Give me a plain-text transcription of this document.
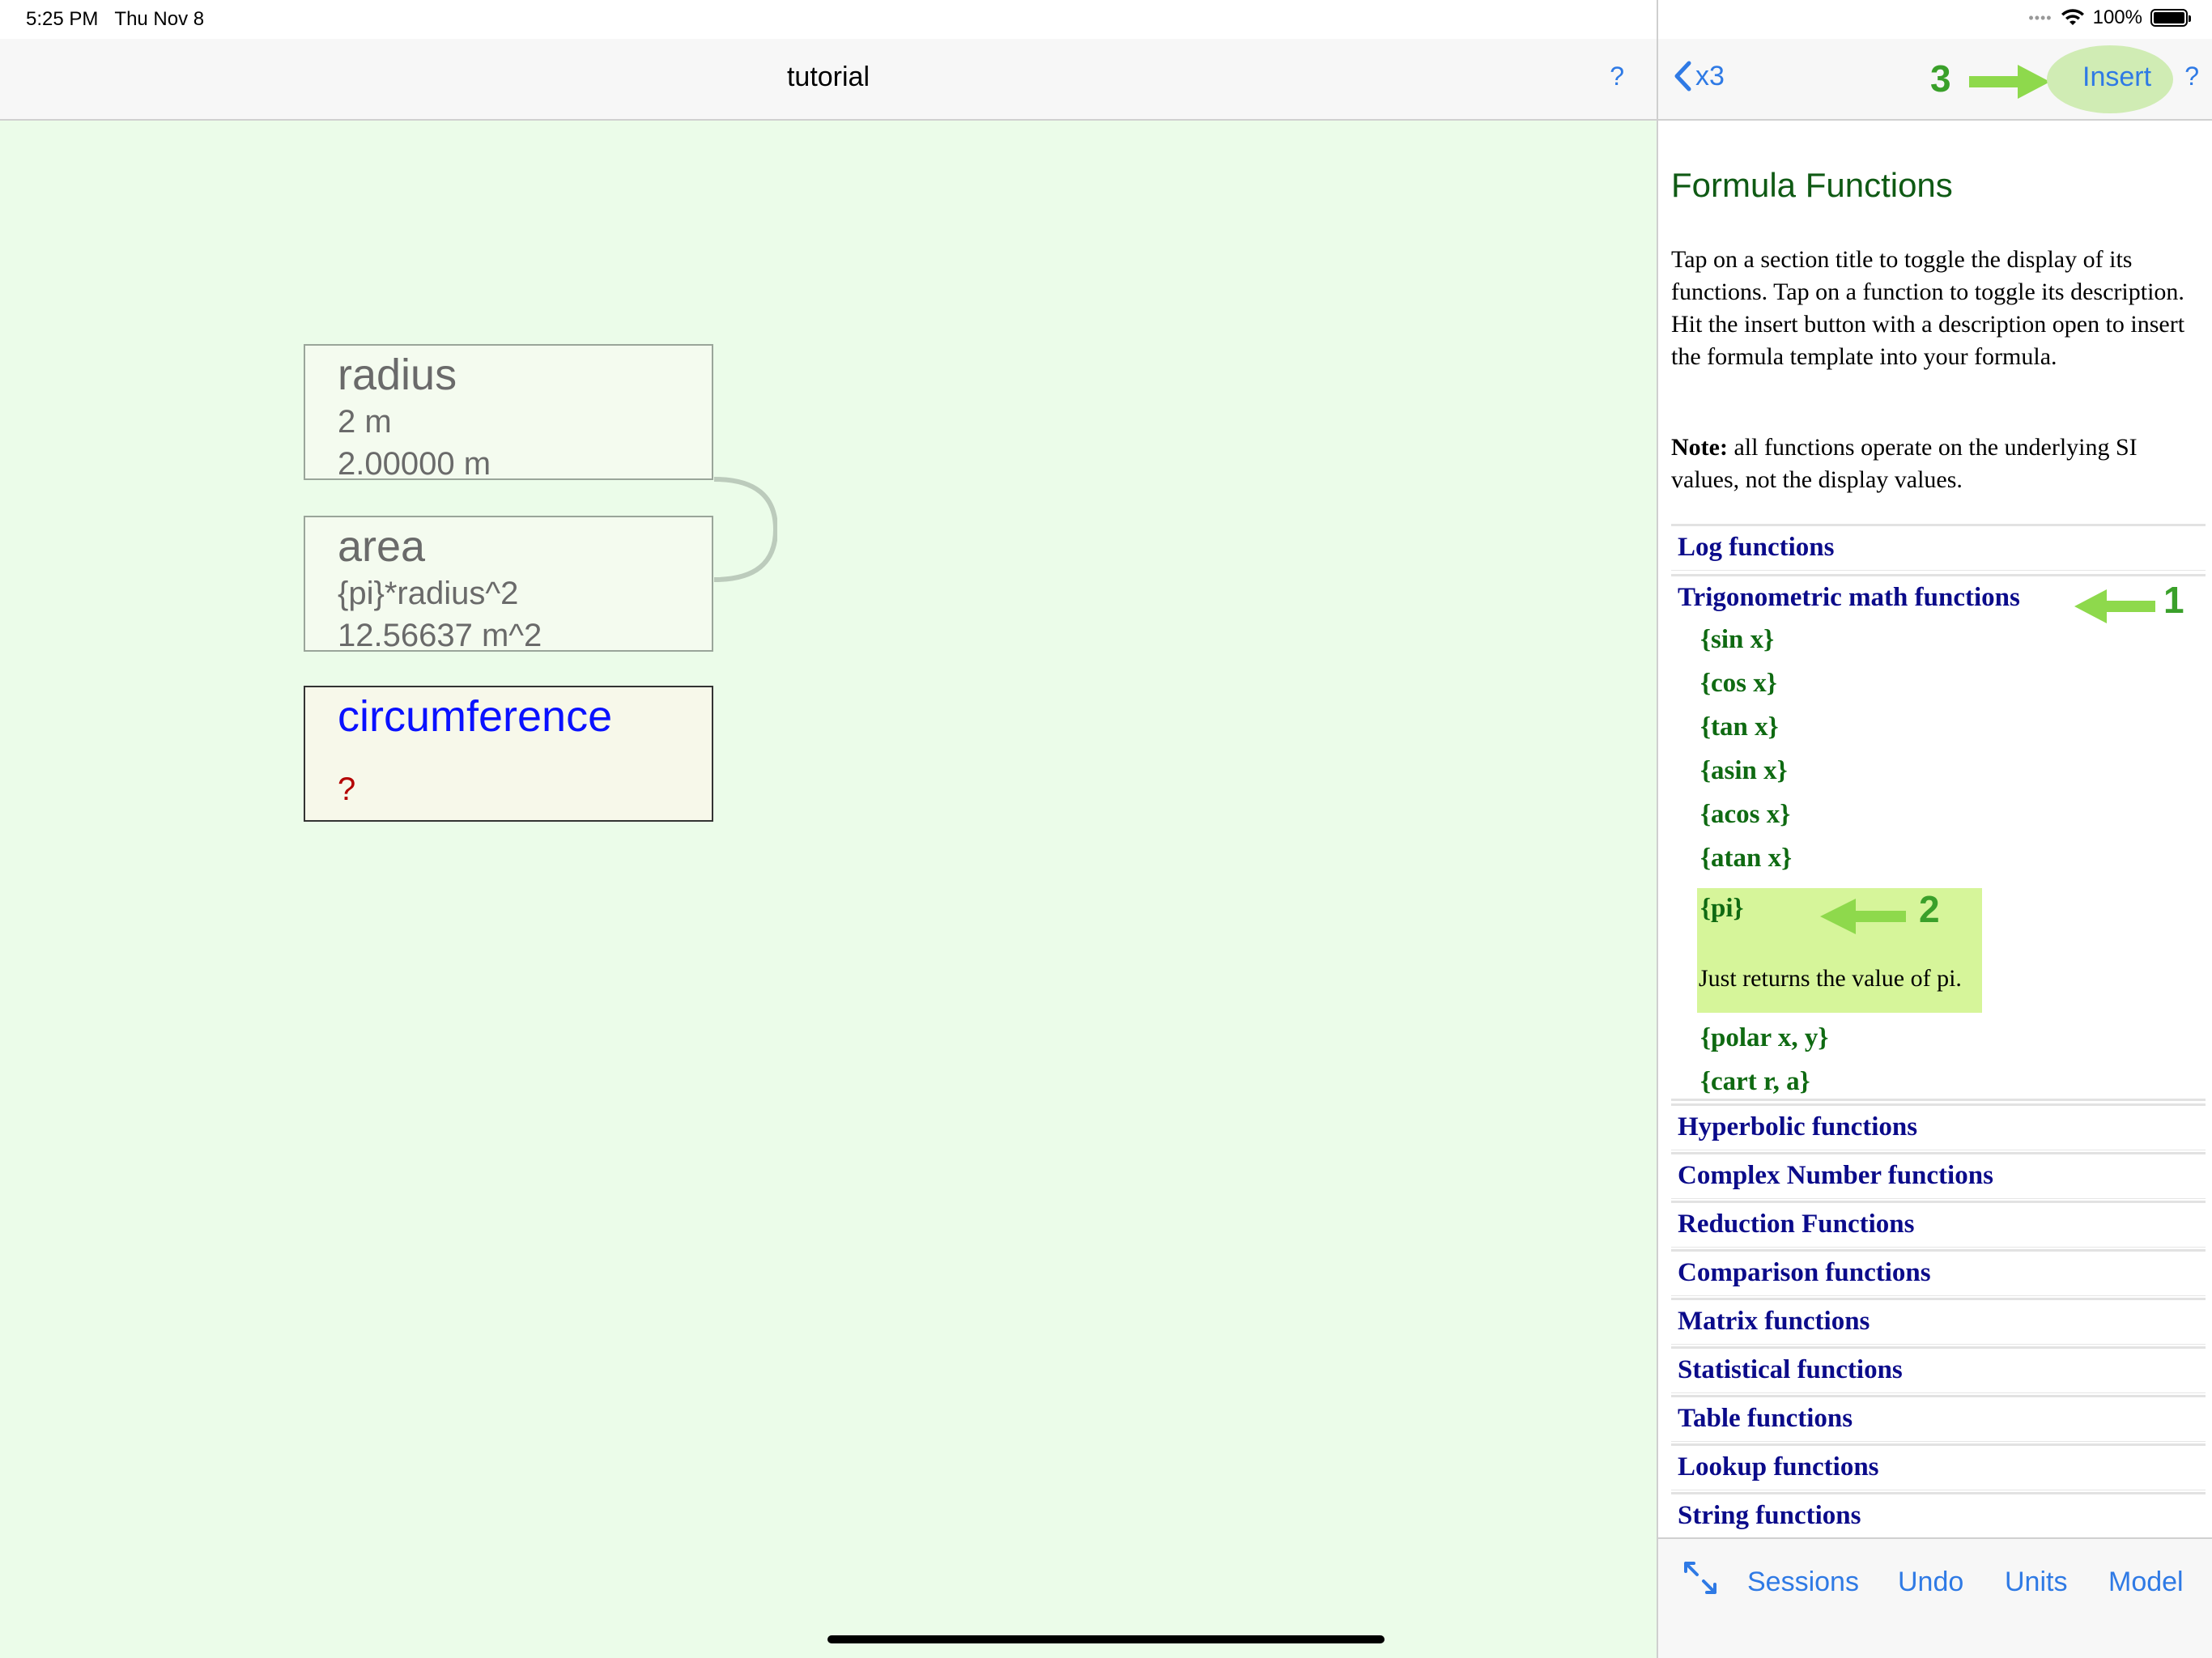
5:25 PM Thu Nov 8	•••• 100%
tutorial	?
radius
2 m
2.00000 m
area
{pi}*radius^2
12.56637 m^2
circumference
?
x3	3	Insert ?
Formula Functions
Tap on a section title to toggle the display of its functions. Tap on a function to toggle its description. Hit the insert button with a description open to insert the formula template into your formula.
Note: all functions operate on the underlying SI values, not the display values.
Log functions
Trigonometric math functions	1
{sin x}
{cos x}
{tan x}
{asin x}
{acos x}
{atan x}
{pi}	2
Just returns the value of pi.
{polar x, y}
{cart r, a}
Hyperbolic functions
Complex Number functions
Reduction Functions
Comparison functions
Matrix functions
Statistical functions
Table functions
Lookup functions
String functions
Sessions Undo Units Model
